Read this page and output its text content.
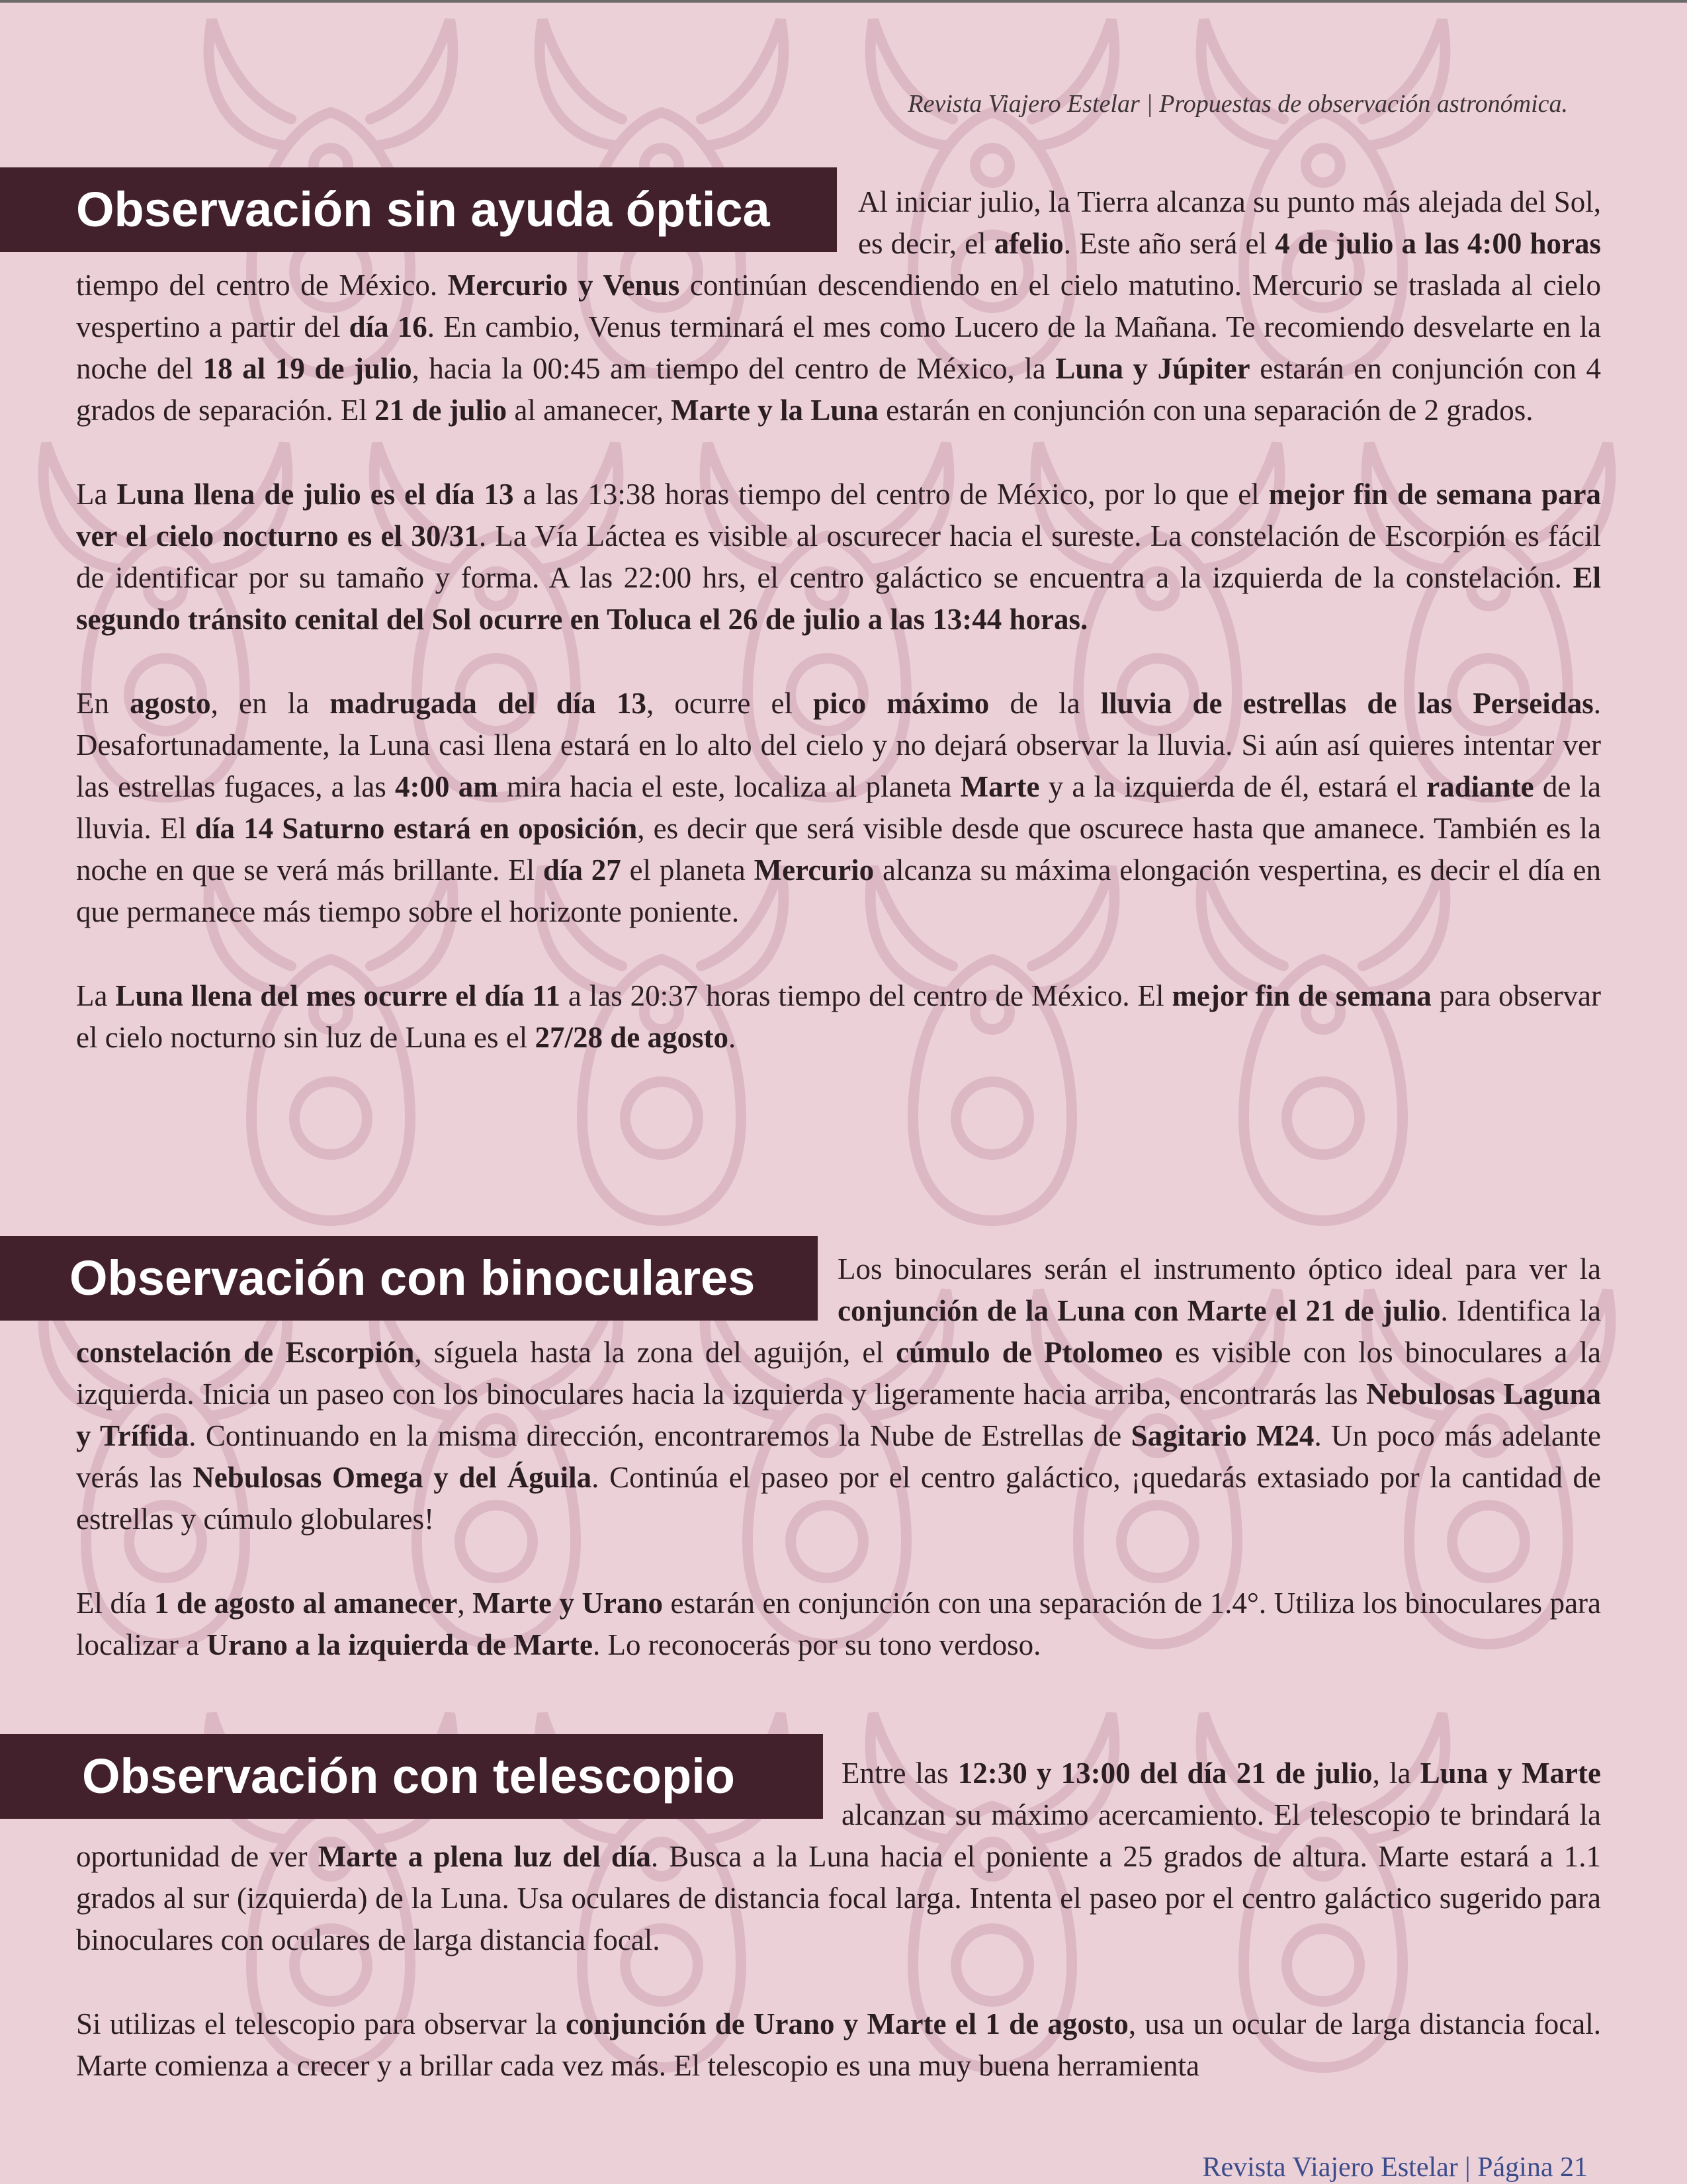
Revista Viajero Estelar | Propuestas de observación astronómica.
Observación sin ayuda óptica	Al iniciar julio, la Tierra alcanza su punto más alejada del Sol, es decir, el afelio. Este año será el 4 de julio a las 4:00 horas tiempo del centro de México. Mercurio y Venus continúan descendiendo en el cielo matutino. Mercurio se traslada al cielo vespertino a partir del día 16. En cambio, Venus terminará el mes como Lucero de la Mañana. Te recomiendo desvelarte en la noche del 18 al 19 de julio, hacia la 00:45 am tiempo del centro de México, la Luna y Júpiter estarán en conjunción con 4 grados de separación. El 21 de julio al amanecer, Marte y la Luna estarán en conjunción con una separación de 2 grados.

La Luna llena de julio es el día 13 a las 13:38 horas tiempo del centro de México, por lo que el mejor fin de semana para ver el cielo nocturno es el 30/31. La Vía Láctea es visible al oscurecer hacia el sureste. La constelación de Escorpión es fácil de identificar por su tamaño y forma. A las 22:00 hrs, el centro galáctico se encuentra a la izquierda de la constelación. El segundo tránsito cenital del Sol ocurre en Toluca el 26 de julio a las 13:44 horas.

En agosto, en la madrugada del día 13, ocurre el pico máximo de la lluvia de estrellas de las Perseidas. Desafortunadamente, la Luna casi llena estará en lo alto del cielo y no dejará observar la lluvia. Si aún así quieres intentar ver las estrellas fugaces, a las 4:00 am mira hacia el este, localiza al planeta Marte y a la izquierda de él, estará el radiante de la lluvia. El día 14 Saturno estará en oposición, es decir que será visible desde que oscurece hasta que amanece. También es la noche en que se verá más brillante. El día 27 el planeta Mercurio alcanza su máxima elongación vespertina, es decir el día en que permanece más tiempo sobre el horizonte poniente.

La Luna llena del mes ocurre el día 11 a las 20:37 horas tiempo del centro de México. El mejor fin de semana para observar el cielo nocturno sin luz de Luna es el 27/28 de agosto.

Observación con binoculares	Los binoculares serán el instrumento óptico ideal para ver la conjunción de la Luna con Marte el 21 de julio. Identifica la constelación de Escorpión, síguela hasta la zona del aguijón, el cúmulo de Ptolomeo es visible con los binoculares a la izquierda. Inicia un paseo con los binoculares hacia la izquierda y ligeramente hacia arriba, encontrarás las Nebulosas Laguna y Trífida. Continuando en la misma dirección, encontraremos la Nube de Estrellas de Sagitario M24. Un poco más adelante verás las Nebulosas Omega y del Águila. Continúa el paseo por el centro galáctico, ¡quedarás extasiado por la cantidad de estrellas y cúmulo globulares!

El día 1 de agosto al amanecer, Marte y Urano estarán en conjunción con una separación de 1.4°. Utiliza los binoculares para localizar a Urano a la izquierda de Marte. Lo reconocerás por su tono verdoso.

Observación con telescopio	Entre las 12:30 y 13:00 del día 21 de julio, la Luna y Marte alcanzan su máximo acercamiento. El telescopio te brindará la oportunidad de ver Marte a plena luz del día. Busca a la Luna hacia el poniente a 25 grados de altura. Marte estará a 1.1 grados al sur (izquierda) de la Luna. Usa oculares de distancia focal larga. Intenta el paseo por el centro galáctico sugerido para binoculares con oculares de larga distancia focal.

Si utilizas el telescopio para observar la conjunción de Urano y Marte el 1 de agosto, usa un ocular de larga distancia focal. Marte comienza a crecer y a brillar cada vez más. El telescopio es una muy buena herramienta

Revista Viajero Estelar | Página 21
